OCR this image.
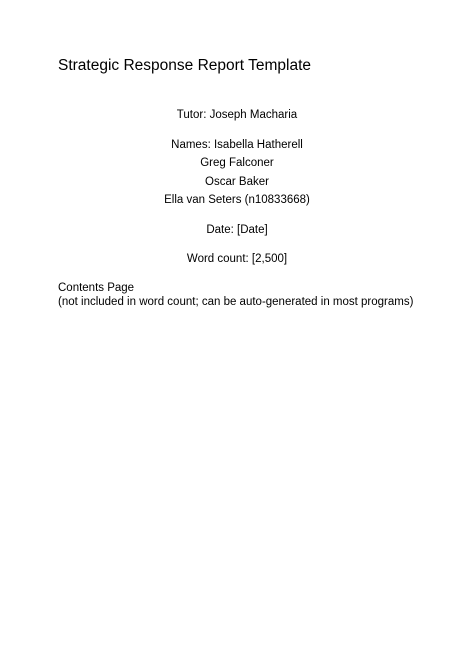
Strategic Response Report Template
Tutor: Joseph Macharia
Names: Isabella Hatherell
Greg Falconer
Oscar Baker
Ella van Seters (n10833668)
Date: [Date]
Word count: [2,500]
Contents Page
(not included in word count; can be auto-generated in most programs)
